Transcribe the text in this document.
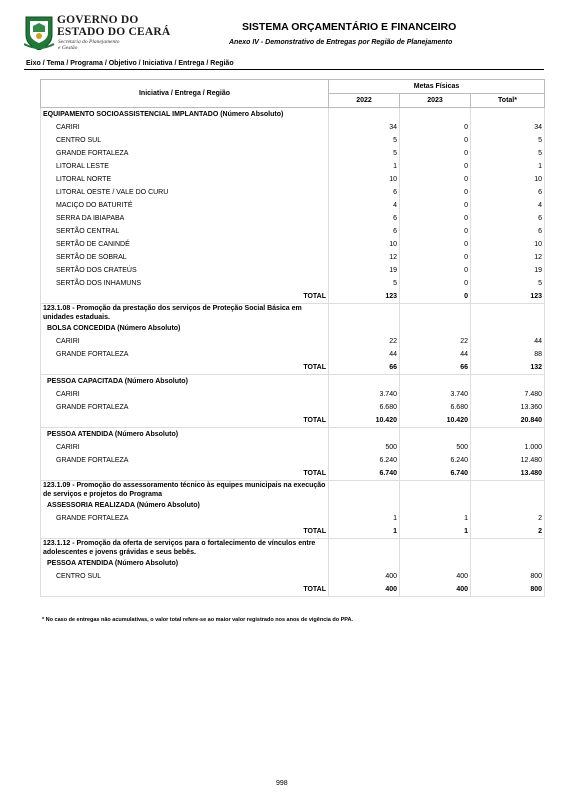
GOVERNO DO
ESTADO DO CEARÁ
Secretaria do Planejamento
e Gestão
SISTEMA ORÇAMENTÁRIO E FINANCEIRO
Anexo IV - Demonstrativo de Entregas por Região de Planejamento
Eixo / Tema / Programa / Objetivo / Iniciativa / Entrega / Região
Iniciativa / Entrega / Região	Metas Físicas		
	2022	2023	Total*
EQUIPAMENTO SOCIOASSISTENCIAL IMPLANTADO (Número Absoluto)			
CARIRI	34	0	34
CENTRO SUL	5	0	5
GRANDE FORTALEZA	5	0	5
LITORAL LESTE	1	0	1
LITORAL NORTE	10	0	10
LITORAL OESTE / VALE DO CURU	6	0	6
MACIÇO DO BATURITÉ	4	0	4
SERRA DA IBIAPABA	6	0	6
SERTÃO CENTRAL	6	0	6
SERTÃO DE CANINDÉ	10	0	10
SERTÃO DE SOBRAL	12	0	12
SERTÃO DOS CRATEÚS	19	0	19
SERTÃO DOS INHAMUNS	5	0	5
TOTAL	123	0	123
123.1.08 - Promoção da prestação dos serviços de Proteção Social Básica em unidades estaduais.			
BOLSA CONCEDIDA (Número Absoluto)			
CARIRI	22	22	44
GRANDE FORTALEZA	44	44	88
TOTAL	66	66	132
PESSOA CAPACITADA (Número Absoluto)			
CARIRI	3.740	3.740	7.480
GRANDE FORTALEZA	6.680	6.680	13.360
TOTAL	10.420	10.420	20.840
PESSOA ATENDIDA (Número Absoluto)			
CARIRI	500	500	1.000
GRANDE FORTALEZA	6.240	6.240	12.480
TOTAL	6.740	6.740	13.480
123.1.09 - Promoção do assessoramento técnico às equipes municipais na execução de serviços e projetos do Programa			
ASSESSORIA REALIZADA (Número Absoluto)			
GRANDE FORTALEZA	1	1	2
TOTAL	1	1	2
123.1.12 - Promoção da oferta de serviços para o fortalecimento de vínculos entre adolescentes e jovens grávidas e seus bebês.			
PESSOA ATENDIDA (Número Absoluto)			
CENTRO SUL	400	400	800
TOTAL	400	400	800
* No caso de entregas não acumulativas, o valor total refere-se ao maior valor registrado nos anos de vigência do PPA.
998
